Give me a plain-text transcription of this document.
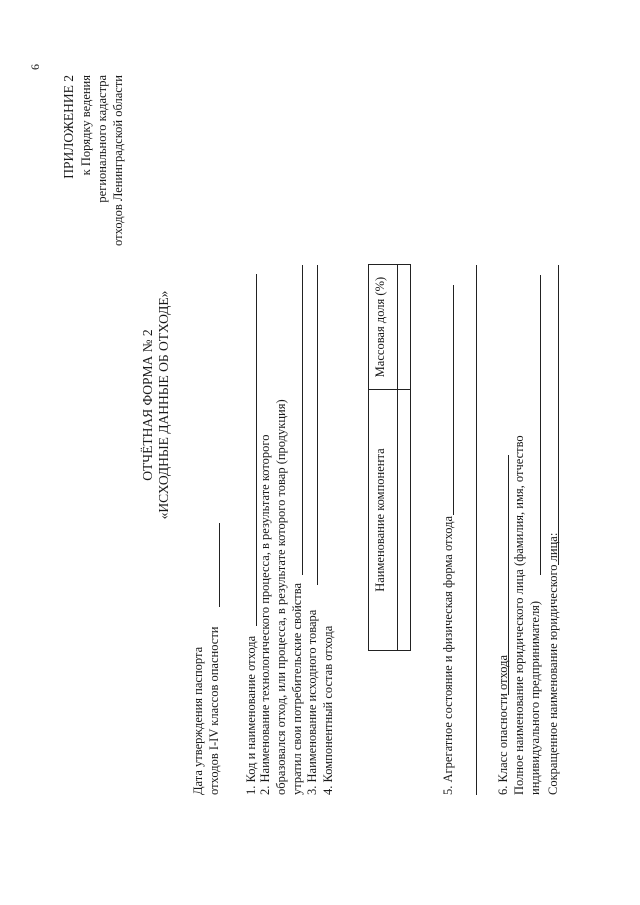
6
ПРИЛОЖЕНИЕ 2 к Порядку ведения регионального кадастра отходов Ленинградской области
ОТЧЁТНАЯ ФОРМА № 2 «ИСХОДНЫЕ ДАННЫЕ ОБ ОТХОДЕ»
Дата утверждения паспорта отходов I-IV классов опасности 1. Код и наименование отхода 2. Наименование технологического процесса, в результате которого образовался отход, или процесса, в результате которого товар (продукция) утратил свои потребительские свойства 3. Наименование исходного товара 4. Компонентный состав отхода
Наименование компонента	Массовая доля (%)

5. Агрегатное состояние и физическая форма отхода	6. Класс опасности отхода Полное наименование юридического лица (фамилия, имя, отчество индивидуального предпринимателя) Сокращенное наименование юридического лица:
